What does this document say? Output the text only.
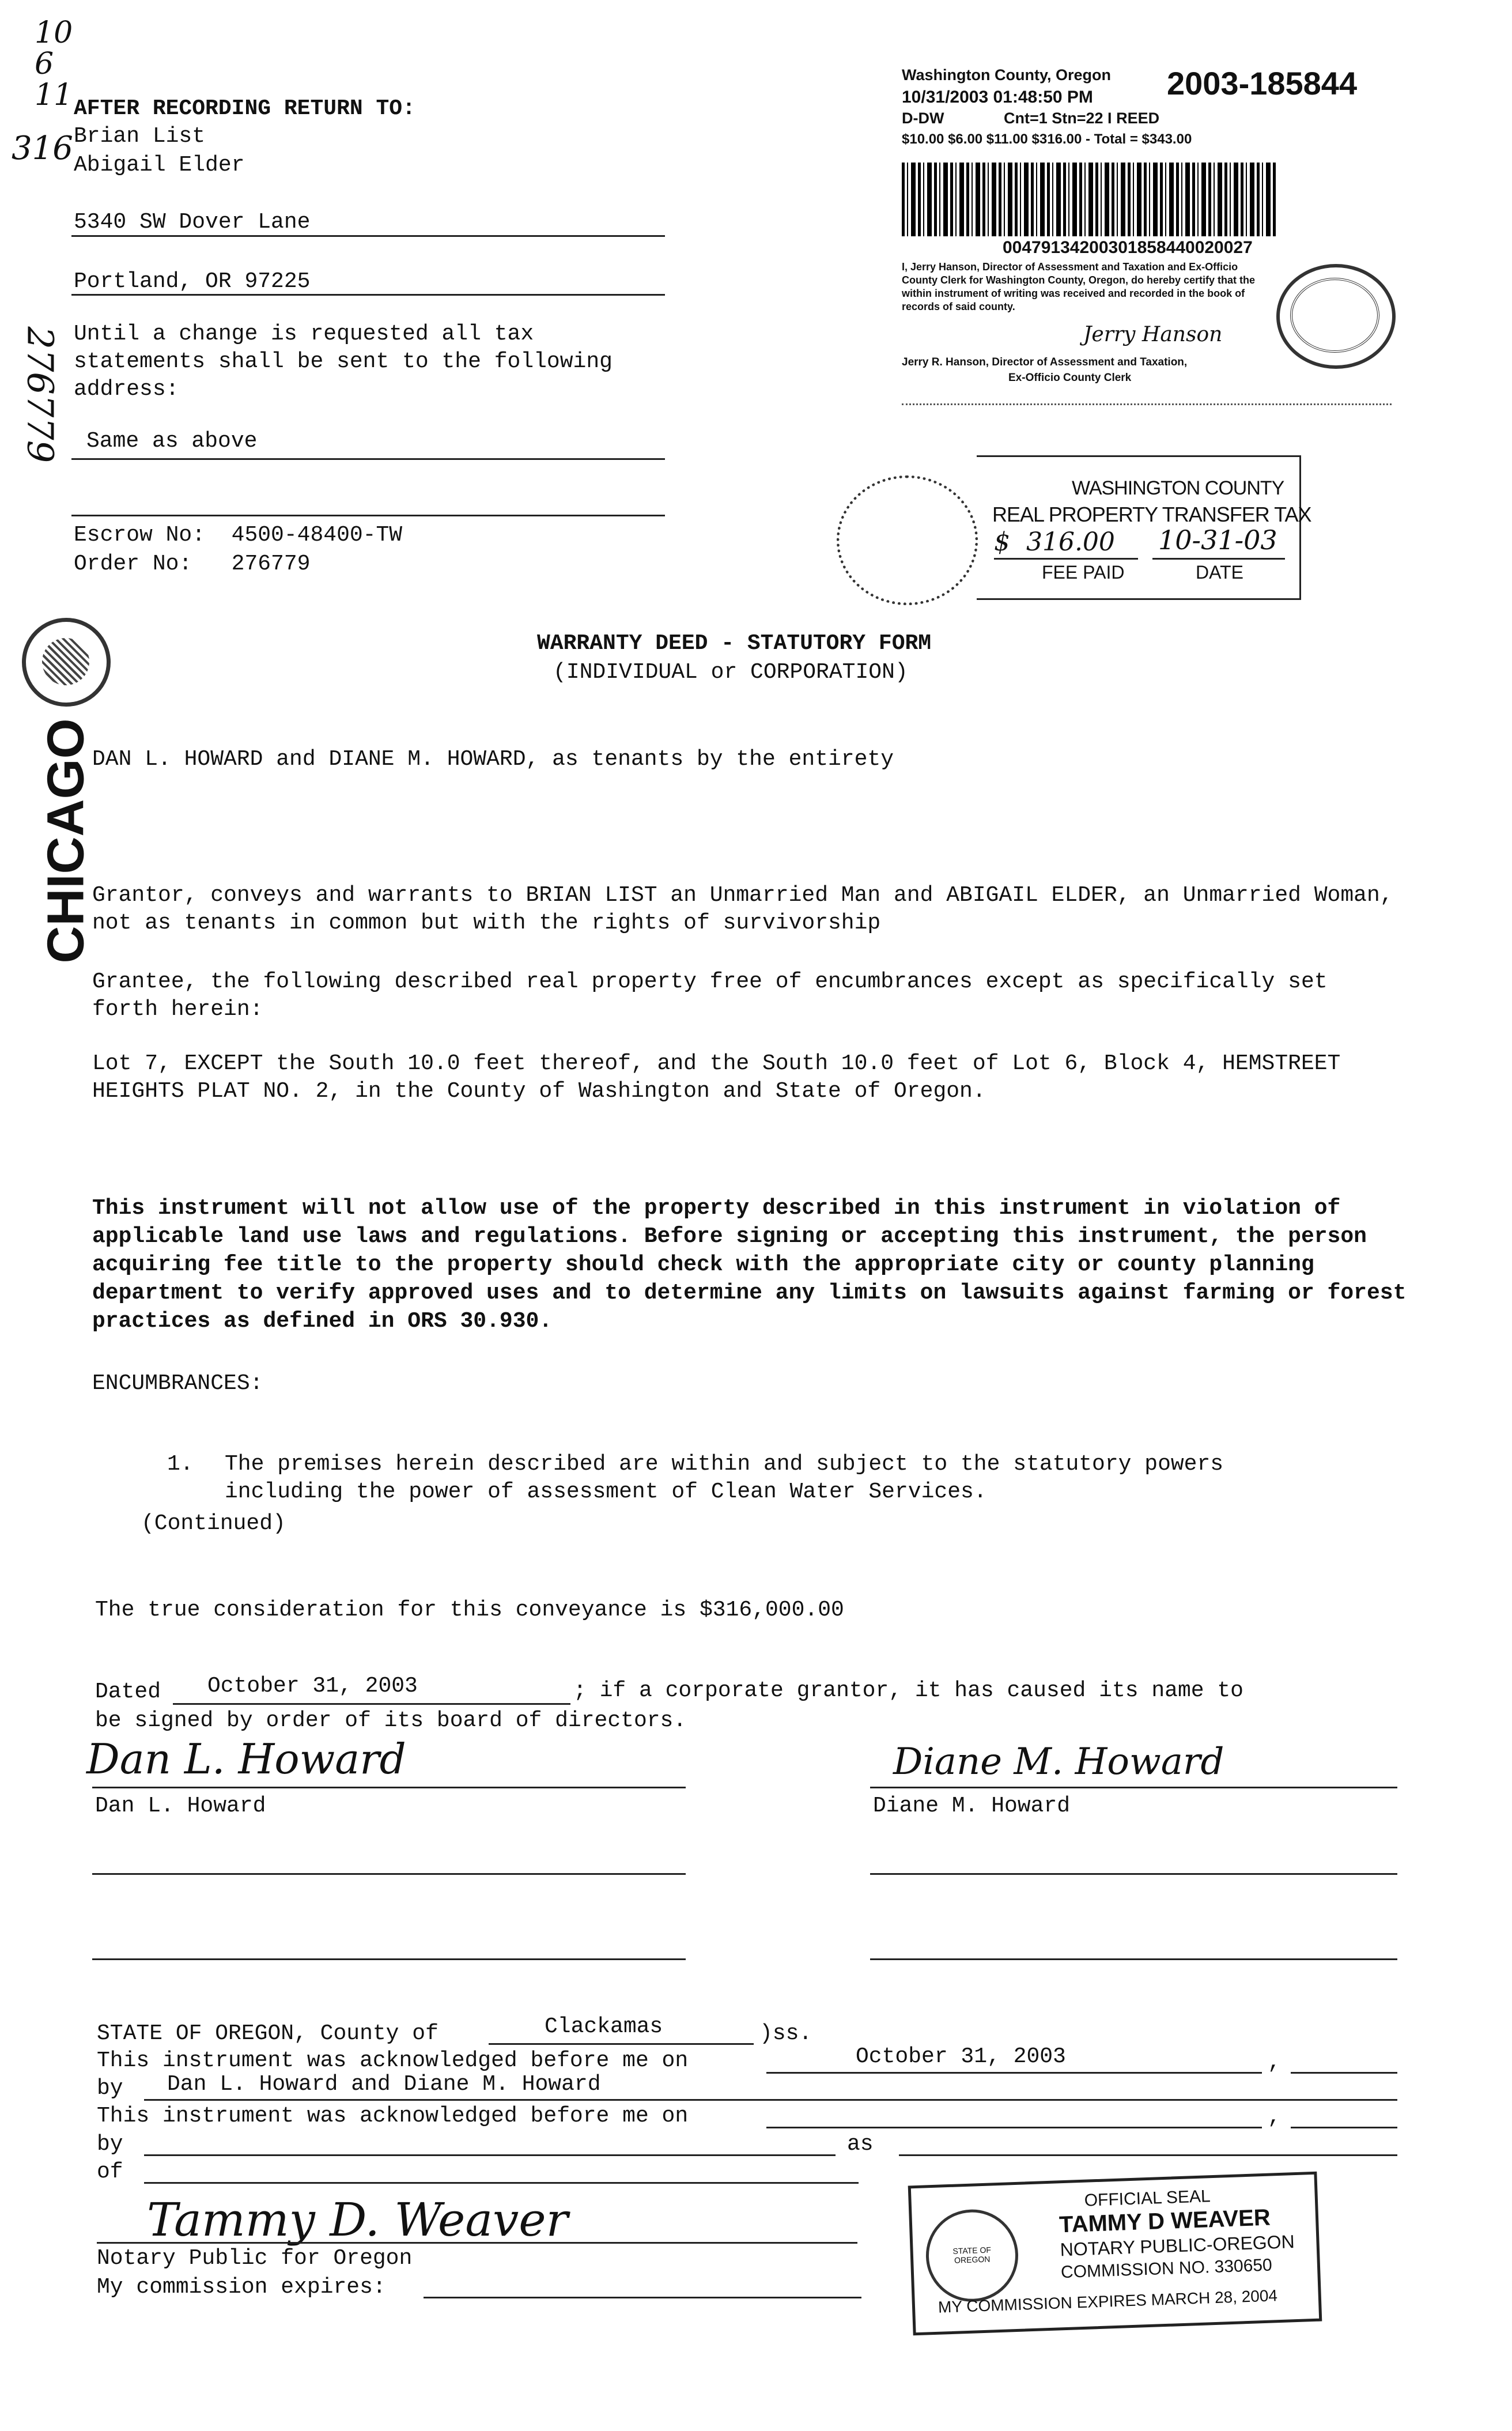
10
6
11
316
276779
AFTER RECORDING RETURN TO:
Brian List
Abigail Elder
5340 SW Dover Lane
Portland, OR 97225
Until a change is requested all tax statements shall be sent to the following address:
Same as above
Escrow No:  4500-48400-TW
Order No:   276779
Washington County, Oregon 2003-185844
10/31/2003 01:48:50 PM
D-DW	Cnt=1 Stn=22 I REED
$10.00 $6.00 $11.00 $316.00 - Total = $343.00
00479134200301858440020027
I, Jerry Hanson, Director of Assessment and Taxation and Ex-Officio County Clerk for Washington County, Oregon, do hereby certify that the within instrument of writing was received and recorded in the book of records of said county.
Jerry Hanson
Jerry R. Hanson, Director of Assessment and Taxation,
Ex-Officio County Clerk
WASHINGTON COUNTY
REAL PROPERTY TRANSFER TAX
$  316.00 10-31-03
FEE PAID	DATE
CHICAGO
WARRANTY DEED - STATUTORY FORM
(INDIVIDUAL or CORPORATION)
DAN L. HOWARD and DIANE M. HOWARD, as tenants by the entirety
Grantor, conveys and warrants to BRIAN LIST an Unmarried Man and ABIGAIL ELDER, an Unmarried Woman, not as tenants in common but with the rights of survivorship
Grantee, the following described real property free of encumbrances except as specifically set forth herein:
Lot 7, EXCEPT the South 10.0 feet thereof, and the South 10.0 feet of Lot 6, Block 4, HEMSTREET HEIGHTS PLAT NO. 2, in the County of Washington and State of Oregon.
This instrument will not allow use of the property described in this instrument in violation of applicable land use laws and regulations. Before signing or accepting this instrument, the person acquiring fee title to the property should check with the appropriate city or county planning department to verify approved uses and to determine any limits on lawsuits against farming or forest practices as defined in ORS 30.930.
ENCUMBRANCES:
1. The premises herein described are within and subject to the statutory powers including the power of assessment of Clean Water Services.
(Continued)
The true consideration for this conveyance is $316,000.00
Dated October 31, 2003	; if a corporate grantor, it has caused its name to
be signed by order of its board of directors.
Dan L. Howard
Dan L. Howard
Diane M. Howard
Diane M. Howard
STATE OF OREGON, County of	Clackamas	)ss.
This instrument was acknowledged before me on	October 31, 2003	,
by Dan L. Howard and Diane M. Howard
This instrument was acknowledged before me on	,
by	as
of
Tammy D. Weaver
Notary Public for Oregon
My commission expires:
STATE OF OREGON
OFFICIAL SEAL
TAMMY D WEAVER
NOTARY PUBLIC-OREGON
COMMISSION NO. 330650
MY COMMISSION EXPIRES MARCH 28, 2004
